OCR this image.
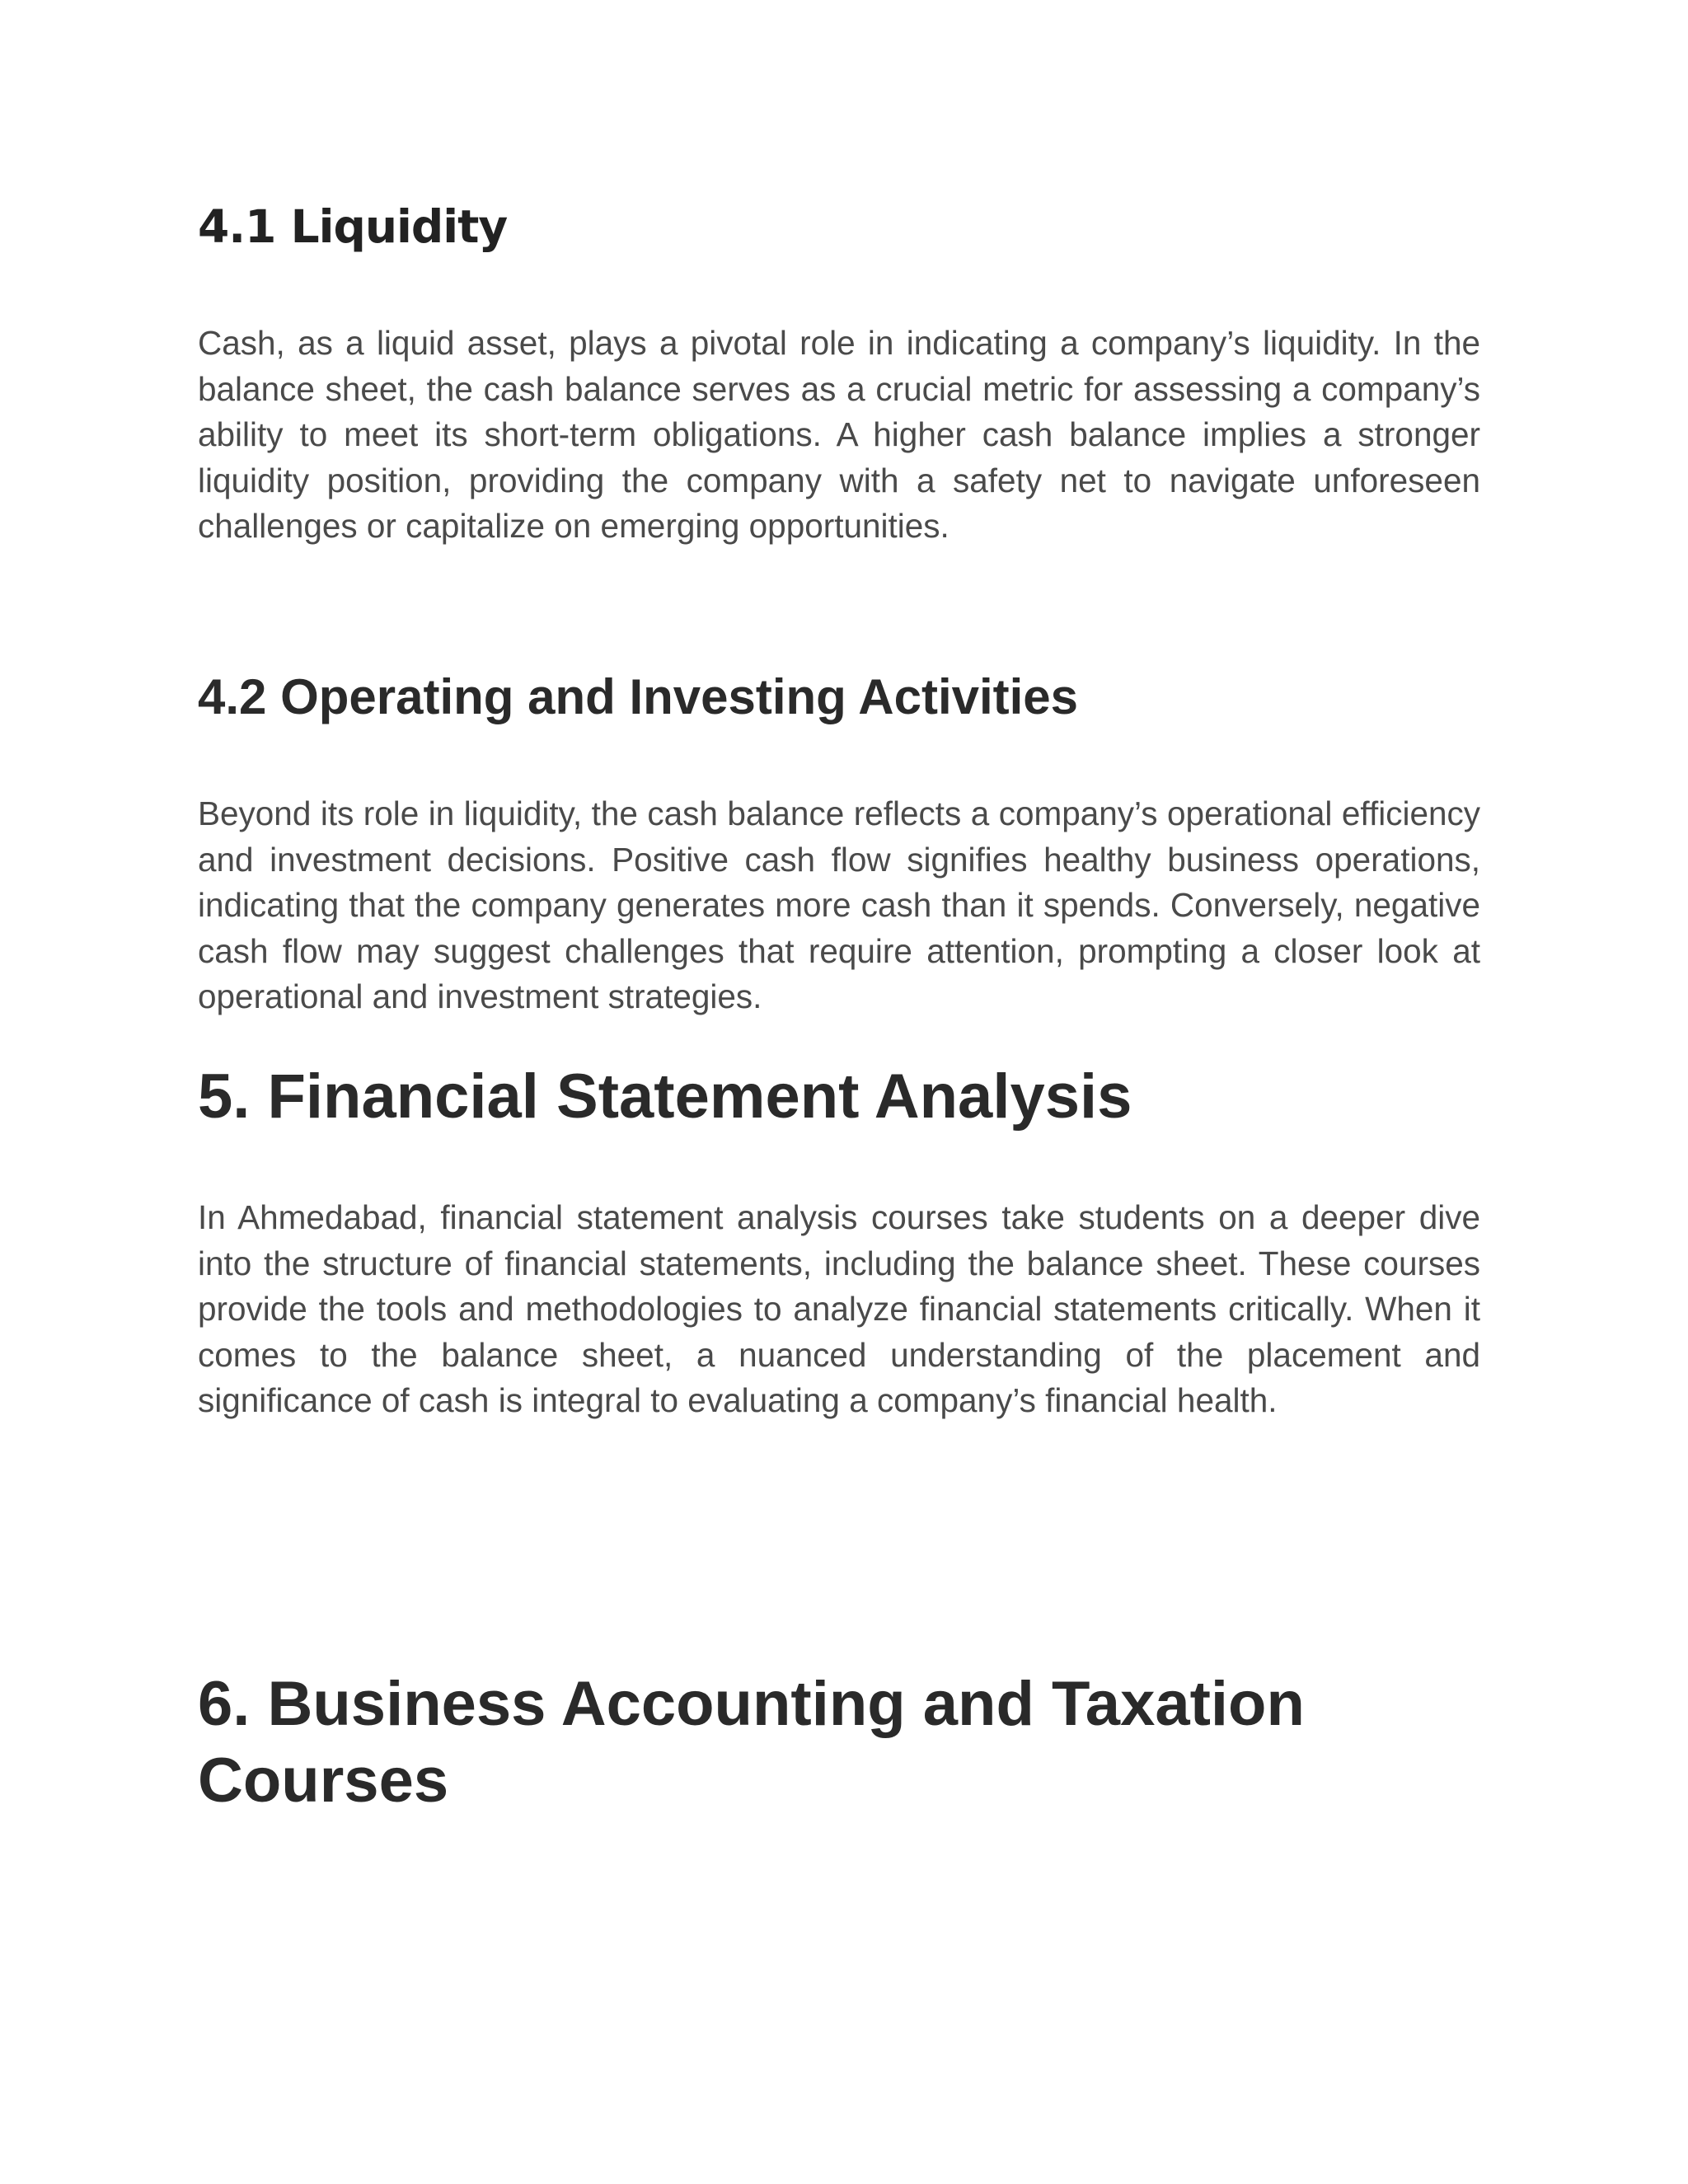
4.1 Liquidity

Cash, as a liquid asset, plays a pivotal role in indicating a company’s liquidity. In the balance sheet, the cash balance serves as a crucial metric for assessing a company’s ability to meet its short-term obligations. A higher cash balance implies a stronger liquidity position, providing the company with a safety net to navigate unforeseen challenges or capitalize on emerging opportunities.

4.2 Operating and Investing Activities

Beyond its role in liquidity, the cash balance reflects a company’s operational efficiency and investment decisions. Positive cash flow signifies healthy business operations, indicating that the company generates more cash than it spends. Conversely, negative cash flow may suggest challenges that require attention, prompting a closer look at operational and investment strategies.

5. Financial Statement Analysis

In Ahmedabad, financial statement analysis courses take students on a deeper dive into the structure of financial statements, including the balance sheet. These courses provide the tools and methodologies to analyze financial statements critically. When it comes to the balance sheet, a nuanced understanding of the placement and significance of cash is integral to evaluating a company’s financial health.

6. Business Accounting and Taxation Courses
